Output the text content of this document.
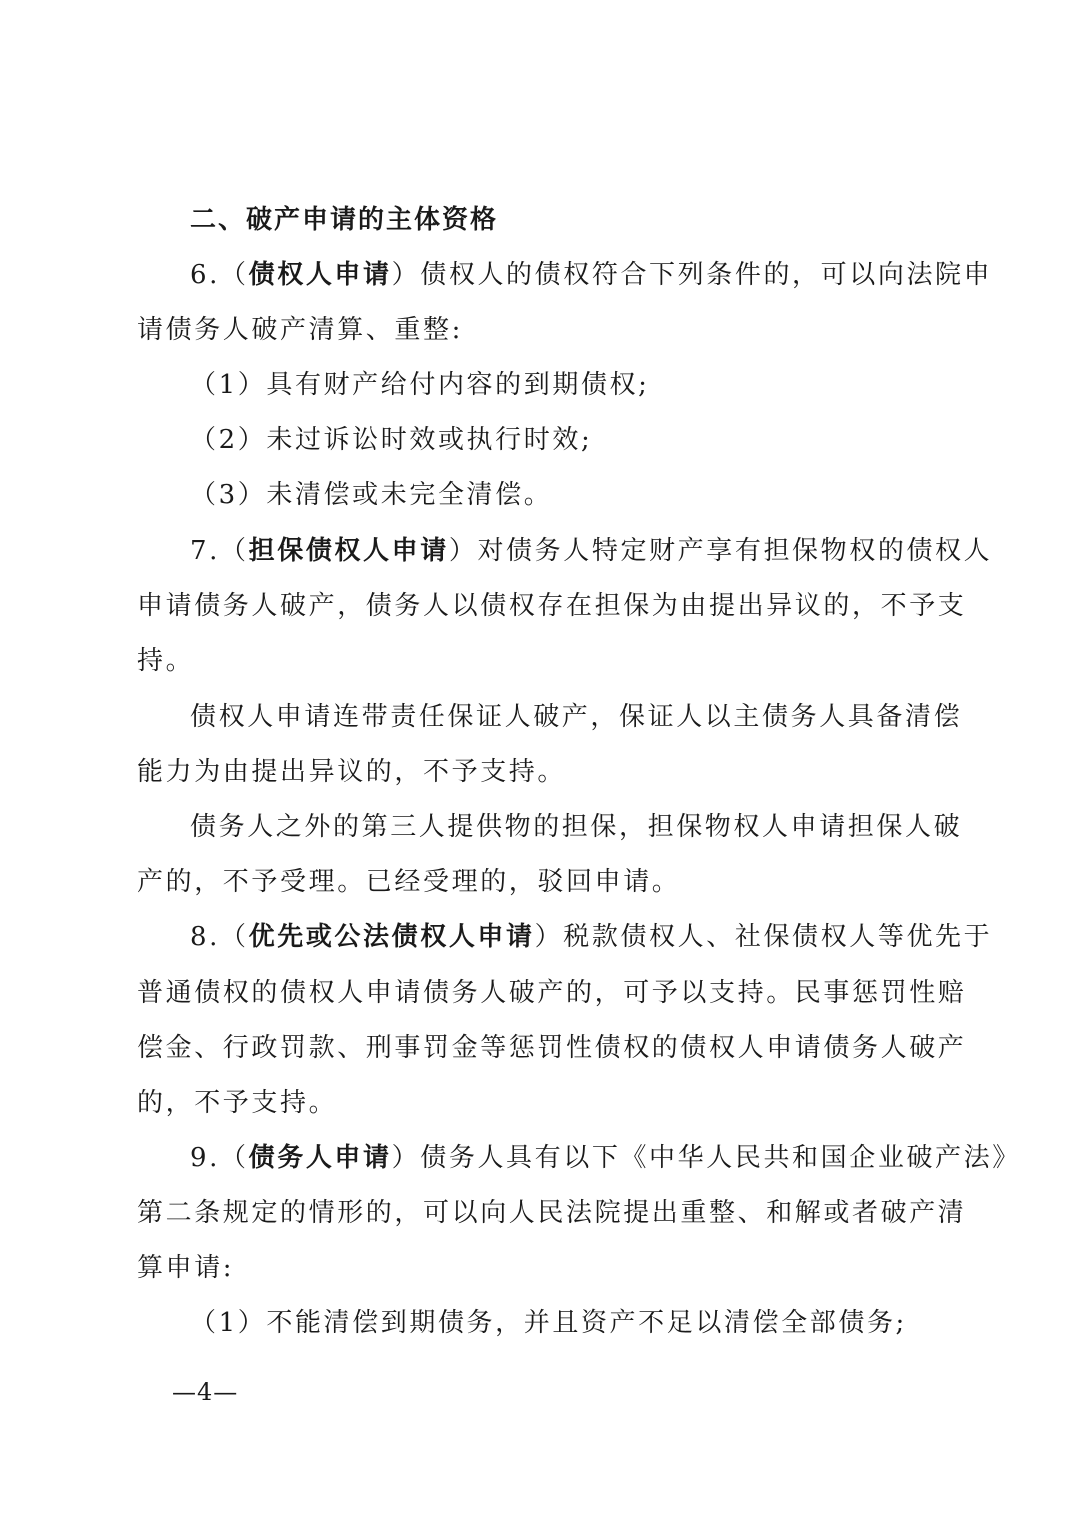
二、破产申请的主体资格
6.（债权人申请）债权人的债权符合下列条件的，可以向法院申
请债务人破产清算、重整:
（1）具有财产给付内容的到期债权;
（2）未过诉讼时效或执行时效;
（3）未清偿或未完全清偿。
7.（担保债权人申请）对债务人特定财产享有担保物权的债权人
申请债务人破产，债务人以债权存在担保为由提出异议的，不予支
持。
债权人申请连带责任保证人破产，保证人以主债务人具备清偿
能力为由提出异议的，不予支持。
债务人之外的第三人提供物的担保，担保物权人申请担保人破
产的，不予受理。已经受理的，驳回申请。
8.（优先或公法债权人申请）税款债权人、社保债权人等优先于
普通债权的债权人申请债务人破产的，可予以支持。民事惩罚性赔
偿金、行政罚款、刑事罚金等惩罚性债权的债权人申请债务人破产
的，不予支持。
9.（债务人申请）债务人具有以下《中华人民共和国企业破产法》
第二条规定的情形的，可以向人民法院提出重整、和解或者破产清
算申请:
（1）不能清偿到期债务，并且资产不足以清偿全部债务;
—4—
